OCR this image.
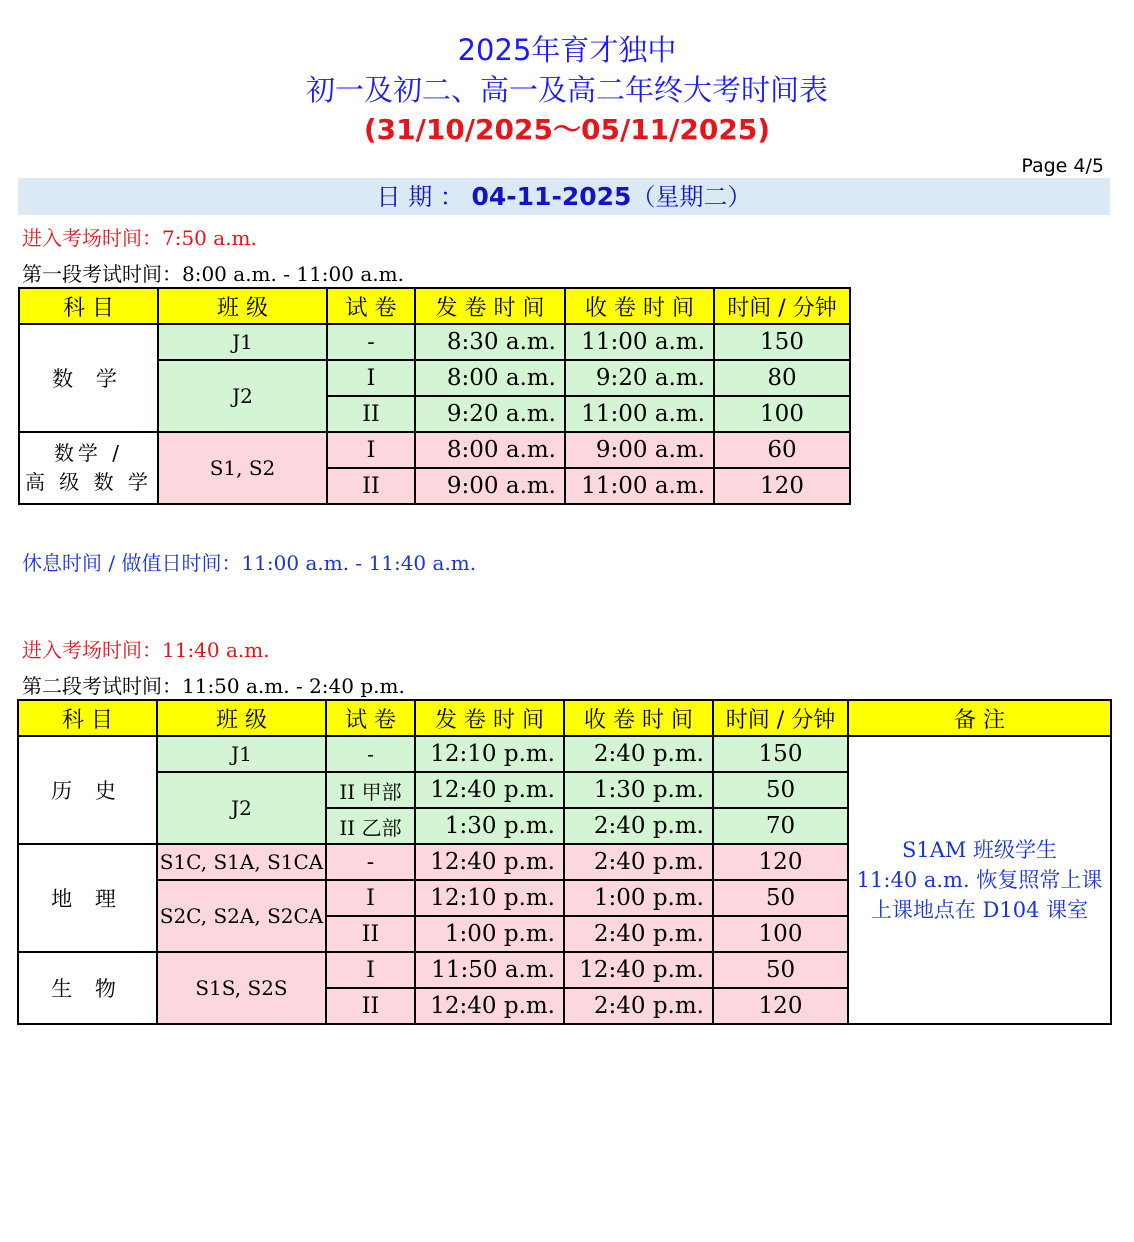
2025年育才独中
初一及初二、高一及高二年终大考时间表
(31/10/2025～05/11/2025)
Page 4/5
日 期 ： 04-11-2025（星期二）
进入考场时间：7:50 a.m.
第一段考试时间：8:00 a.m. - 11:00 a.m.
科 目	班 级	试 卷	发 卷 时 间	收 卷 时 间	时间 / 分钟
数 学	J1	-	8:30 a.m.	11:00 a.m.	150
	J2	I	8:00 a.m.	9:20 a.m.	80
		II	9:20 a.m.	11:00 a.m.	100

数学 /
高 级 数 学	S1, S2	I	8:00 a.m.	9:00 a.m.	60
		II	9:00 a.m.	11:00 a.m.	120
休息时间 / 做值日时间：11:00 a.m. - 11:40 a.m.
进入考场时间：11:40 a.m.
第二段考试时间：11:50 a.m. - 2:40 p.m.
科 目	班 级	试 卷	发 卷 时 间	收 卷 时 间	时间 / 分钟	备 注
历 史	J1	-	12:10 p.m.	2:40 p.m.	150	S1AM 班级学生
11:40 a.m. 恢复照常上课
上课地点在 D104 课室

	J2	II 甲部	12:40 p.m.	1:30 p.m.	50	
		II 乙部	1:30 p.m.	2:40 p.m.	70	
地 理	S1C, S1A, S1CA	-	12:40 p.m.	2:40 p.m.	120	
	S2C, S2A, S2CA	I	12:10 p.m.	1:00 p.m.	50	
		II	1:00 p.m.	2:40 p.m.	100	
生 物	S1S, S2S	I	11:50 a.m.	12:40 p.m.	50	
		II	12:40 p.m.	2:40 p.m.	120	
